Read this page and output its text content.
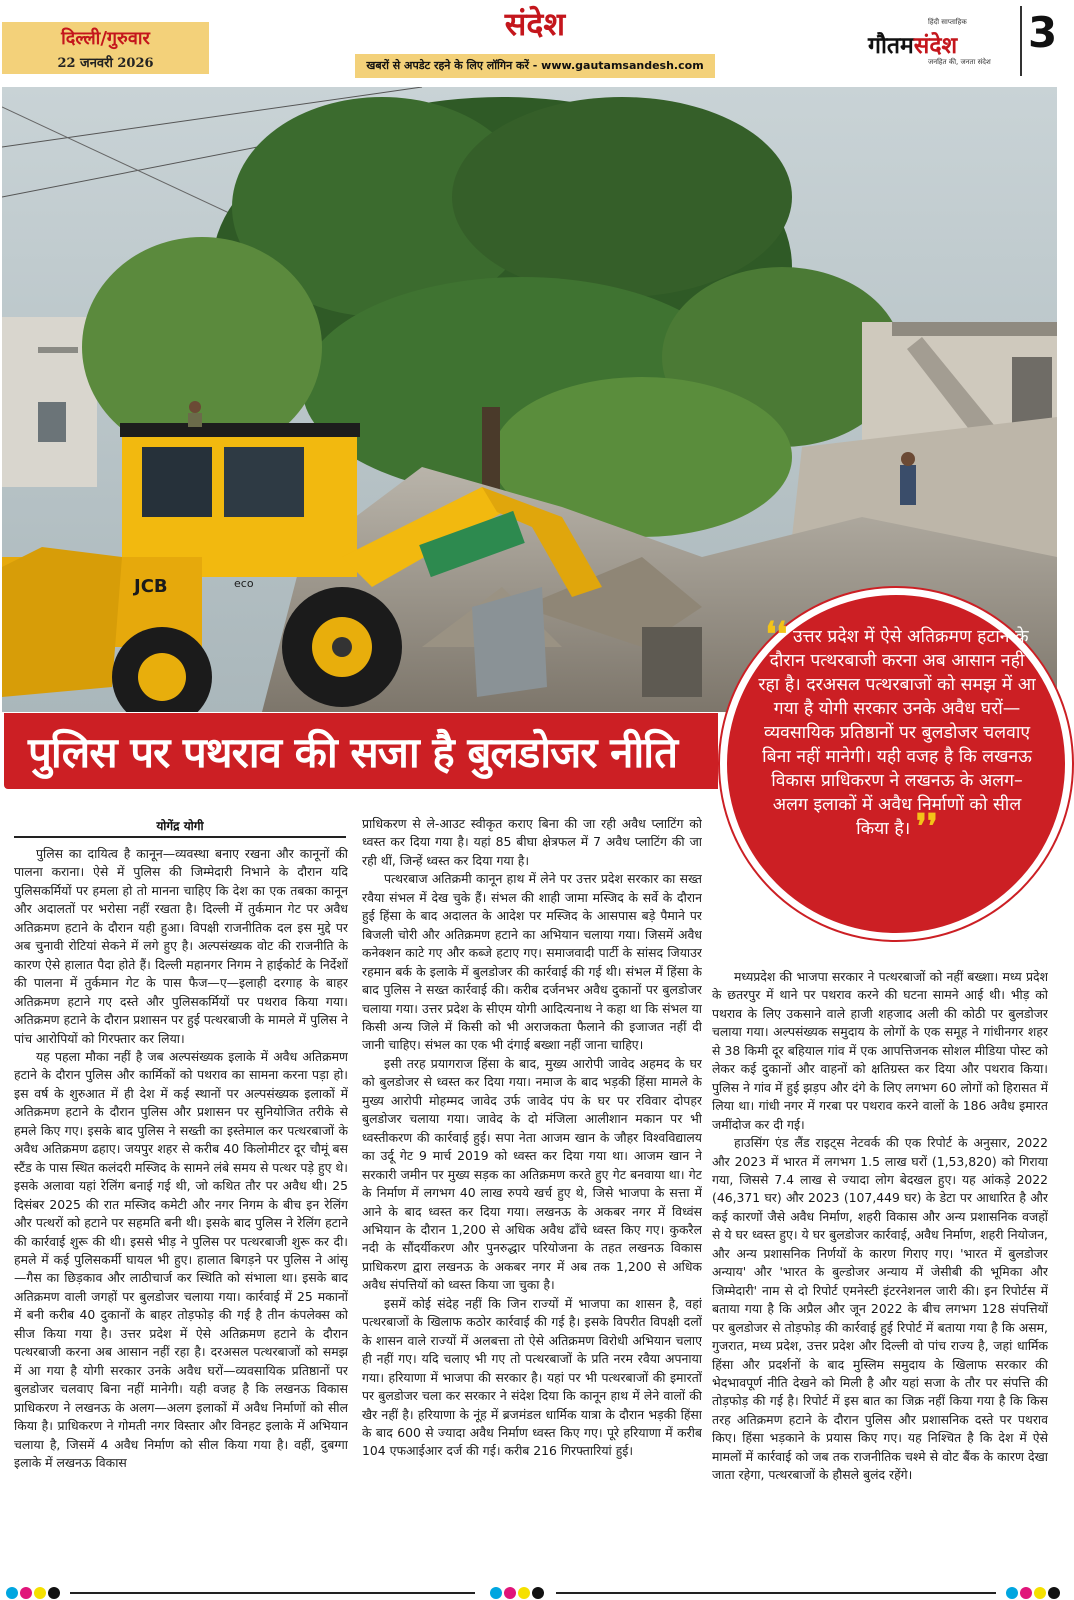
दिल्ली/गुरुवार
22 जनवरी 2026
संदेश
खबरों से अपडेट रहने के लिए लॉगिन करें - www.gautamsandesh.com
हिंदी साप्ताहिक
गौतमसंदेश
जनहित की, जनता संदेश
3
JCB	eco
पुलिस पर पथराव की सजा है बुलडोजर नीति
❛❛ उत्तर प्रदेश में ऐसे अतिक्रमण हटाने के दौरान पत्थरबाजी करना अब आसान नहीं रहा है। दरअसल पत्थरबाजों को समझ में आ गया है योगी सरकार उनके अवैध घरों—व्यवसायिक प्रतिष्ठानों पर बुलडोजर चलवाए बिना नहीं मानेगी। यही वजह है कि लखनऊ विकास प्राधिकरण ने लखनऊ के अलग–अलग इलाकों में अवैध निर्माणों को सील किया है। ❜❜
योगेंद्र योगी

पुलिस का दायित्व है कानून—व्यवस्था बनाए रखना और कानूनों की पालना कराना। ऐसे में पुलिस की जिम्मेदारी निभाने के दौरान यदि पुलिसकर्मियों पर हमला हो तो मानना चाहिए कि देश का एक तबका कानून और अदालतों पर भरोसा नहीं रखता है। दिल्ली में तुर्कमान गेट पर अवैध अतिक्रमण हटाने के दौरान यही हुआ। विपक्षी राजनीतिक दल इस मुद्दे पर अब चुनावी रोटियां सेकने में लगे हुए है। अल्पसंख्यक वोट की राजनीति के कारण ऐसे हालात पैदा होते हैं। दिल्ली महानगर निगम ने हाईकोर्ट के निर्देशों की पालना में तुर्कमान गेट के पास फैज—ए—इलाही दरगाह के बाहर अतिक्रमण हटाने गए दस्ते और पुलिसकर्मियों पर पथराव किया गया। अतिक्रमण हटाने के दौरान प्रशासन पर हुई पत्थरबाजी के मामले में पुलिस ने पांच आरोपियों को गिरफ्तार कर लिया।

यह पहला मौका नहीं है जब अल्पसंख्यक इलाके में अवैध अतिक्रमण हटाने के दौरान पुलिस और कार्मिकों को पथराव का सामना करना पड़ा हो। इस वर्ष के शुरुआत में ही देश में कई स्थानों पर अल्पसंख्यक इलाकों में अतिक्रमण हटाने के दौरान पुलिस और प्रशासन पर सुनियोजित तरीके से हमले किए गए। इसके बाद पुलिस ने सख्ती का इस्तेमाल कर पत्थरबाजों के अवैध अतिक्रमण ढहाए। जयपुर शहर से करीब 40 किलोमीटर दूर चौमूं बस स्टैंड के पास स्थित कलंदरी मस्जिद के सामने लंबे समय से पत्थर पड़े हुए थे। इसके अलावा यहां रेलिंग बनाई गई थी, जो कथित तौर पर अवैध थी। 25 दिसंबर 2025 की रात मस्जिद कमेटी और नगर निगम के बीच इन रेलिंग और पत्थरों को हटाने पर सहमति बनी थी। इसके बाद पुलिस ने रेलिंग हटाने की कार्रवाई शुरू की थी। इससे भीड़ ने पुलिस पर पत्थरबाजी शुरू कर दी। हमले में कई पुलिसकर्मी घायल भी हुए। हालात बिगड़ने पर पुलिस ने आंसू—गैस का छिड़काव और लाठीचार्ज कर स्थिति को संभाला था। इसके बाद अतिक्रमण वाली जगहों पर बुलडोजर चलाया गया। कार्रवाई में 25 मकानों में बनी करीब 40 दुकानों के बाहर तोड़फोड़ की गई है तीन कंपलेक्स को सीज किया गया है। उत्तर प्रदेश में ऐसे अतिक्रमण हटाने के दौरान पत्थरबाजी करना अब आसान नहीं रहा है। दरअसल पत्थरबाजों को समझ में आ गया है योगी सरकार उनके अवैध घरों—व्यवसायिक प्रतिष्ठानों पर बुलडोजर चलवाए बिना नहीं मानेगी। यही वजह है कि लखनऊ विकास प्राधिकरण ने लखनऊ के अलग—अलग इलाकों में अवैध निर्माणों को सील किया है। प्राधिकरण ने गोमती नगर विस्तार और विनहट इलाके में अभियान चलाया है, जिसमें 4 अवैध निर्माण को सील किया गया है। वहीं, दुबग्गा इलाके में लखनऊ विकास

प्राधिकरण से ले-आउट स्वीकृत कराए बिना की जा रही अवैध प्लाटिंग को ध्वस्त कर दिया गया है। यहां 85 बीघा क्षेत्रफल में 7 अवैध प्लाटिंग की जा रही थीं, जिन्हें ध्वस्त कर दिया गया है।

पत्थरबाज अतिक्रमी कानून हाथ में लेने पर उत्तर प्रदेश सरकार का सख्त रवैया संभल में देख चुके हैं। संभल की शाही जामा मस्जिद के सर्वे के दौरान हुई हिंसा के बाद अदालत के आदेश पर मस्जिद के आसपास बड़े पैमाने पर बिजली चोरी और अतिक्रमण हटाने का अभियान चलाया गया। जिसमें अवैध कनेक्शन काटे गए और कब्जे हटाए गए। समाजवादी पार्टी के सांसद जियाउर रहमान बर्क के इलाके में बुलडोजर की कार्रवाई की गई थी। संभल में हिंसा के बाद पुलिस ने सख्त कार्रवाई की। करीब दर्जनभर अवैध दुकानों पर बुलडोजर चलाया गया। उत्तर प्रदेश के सीएम योगी आदित्यनाथ ने कहा था कि संभल या किसी अन्य जिले में किसी को भी अराजकता फैलाने की इजाजत नहीं दी जानी चाहिए। संभल का एक भी दंगाई बख्शा नहीं जाना चाहिए।

इसी तरह प्रयागराज हिंसा के बाद, मुख्य आरोपी जावेद अहमद के घर को बुलडोजर से ध्वस्त कर दिया गया। नमाज के बाद भड़की हिंसा मामले के मुख्य आरोपी मोहम्मद जावेद उर्फ जावेद पंप के घर पर रविवार दोपहर बुलडोजर चलाया गया। जावेद के दो मंजिला आलीशान मकान पर भी ध्वस्तीकरण की कार्रवाई हुई। सपा नेता आजम खान के जौहर विश्वविद्यालय का उर्दू गेट 9 मार्च 2019 को ध्वस्त कर दिया गया था। आजम खान ने सरकारी जमीन पर मुख्य सड़क का अतिक्रमण करते हुए गेट बनवाया था। गेट के निर्माण में लगभग 40 लाख रुपये खर्च हुए थे, जिसे भाजपा के सत्ता में आने के बाद ध्वस्त कर दिया गया। लखनऊ के अकबर नगर में विध्वंस अभियान के दौरान 1,200 से अधिक अवैध ढाँचे ध्वस्त किए गए। कुकरैल नदी के सौंदर्यीकरण और पुनरुद्धार परियोजना के तहत लखनऊ विकास प्राधिकरण द्वारा लखनऊ के अकबर नगर में अब तक 1,200 से अधिक अवैध संपत्तियों को ध्वस्त किया जा चुका है।

इसमें कोई संदेह नहीं कि जिन राज्यों में भाजपा का शासन है, वहां पत्थरबाजों के खिलाफ कठोर कार्रवाई की गई है। इसके विपरीत विपक्षी दलों के शासन वाले राज्यों में अलबत्ता तो ऐसे अतिक्रमण विरोधी अभियान चलाए ही नहीं गए। यदि चलाए भी गए तो पत्थरबाजों के प्रति नरम रवैया अपनाया गया। हरियाणा में भाजपा की सरकार है। यहां पर भी पत्थरबाजों की इमारतों पर बुलडोजर चला कर सरकार ने संदेश दिया कि कानून हाथ में लेने वालों की खैर नहीं है। हरियाणा के नूंह में ब्रजमंडल धार्मिक यात्रा के दौरान भड़की हिंसा के बाद 600 से ज्यादा अवैध निर्माण ध्वस्त किए गए। पूरे हरियाणा में करीब 104 एफआईआर दर्ज की गई। करीब 216 गिरफ्तारियां हुई।

मध्यप्रदेश की भाजपा सरकार ने पत्थरबाजों को नहीं बख्शा। मध्य प्रदेश के छतरपुर में थाने पर पथराव करने की घटना सामने आई थी। भीड़ को पथराव के लिए उकसाने वाले हाजी शहजाद अली की कोठी पर बुलडोजर चलाया गया। अल्पसंख्यक समुदाय के लोगों के एक समूह ने गांधीनगर शहर से 38 किमी दूर बहियाल गांव में एक आपत्तिजनक सोशल मीडिया पोस्ट को लेकर कई दुकानों और वाहनों को क्षतिग्रस्त कर दिया और पथराव किया। पुलिस ने गांव में हुई झड़प और दंगे के लिए लगभग 60 लोगों को हिरासत में लिया था। गांधी नगर में गरबा पर पथराव करने वालों के 186 अवैध इमारत जमींदोज कर दी गई।

हाउसिंग एंड लैंड राइट्स नेटवर्क की एक रिपोर्ट के अनुसार, 2022 और 2023 में भारत में लगभग 1.5 लाख घरों (1,53,820) को गिराया गया, जिससे 7.4 लाख से ज्यादा लोग बेदखल हुए। यह आंकड़े 2022 (46,371 घर) और 2023 (107,449 घर) के डेटा पर आधारित है और कई कारणों जैसे अवैध निर्माण, शहरी विकास और अन्य प्रशासनिक वजहों से ये घर ध्वस्त हुए। ये घर बुलडोजर कार्रवाई, अवैध निर्माण, शहरी नियोजन, और अन्य प्रशासनिक निर्णयों के कारण गिराए गए। 'भारत में बुलडोजर अन्याय' और 'भारत के बुल्डोजर अन्याय में जेसीबी की भूमिका और जिम्मेदारी' नाम से दो रिपोर्ट एमनेस्टी इंटरनेशनल जारी की। इन रिपोर्टस में बताया गया है कि अप्रैल और जून 2022 के बीच लगभग 128 संपत्तियों पर बुलडोजर से तोड़फोड़ की कार्रवाई हुई रिपोर्ट में बताया गया है कि असम, गुजरात, मध्य प्रदेश, उत्तर प्रदेश और दिल्ली वो पांच राज्य है, जहां धार्मिक हिंसा और प्रदर्शनों के बाद मुस्लिम समुदाय के खिलाफ सरकार की भेदभावपूर्ण नीति देखने को मिली है और यहां सजा के तौर पर संपत्ति की तोड़फोड़ की गई है। रिपोर्ट में इस बात का जिक्र नहीं किया गया है कि किस तरह अतिक्रमण हटाने के दौरान पुलिस और प्रशासनिक दस्ते पर पथराव किए। हिंसा भड़काने के प्रयास किए गए। यह निश्चित है कि देश में ऐसे मामलों में कार्रवाई को जब तक राजनीतिक चश्मे से वोट बैंक के कारण देखा जाता रहेगा, पत्थरबाजों के हौसले बुलंद रहेंगे।
